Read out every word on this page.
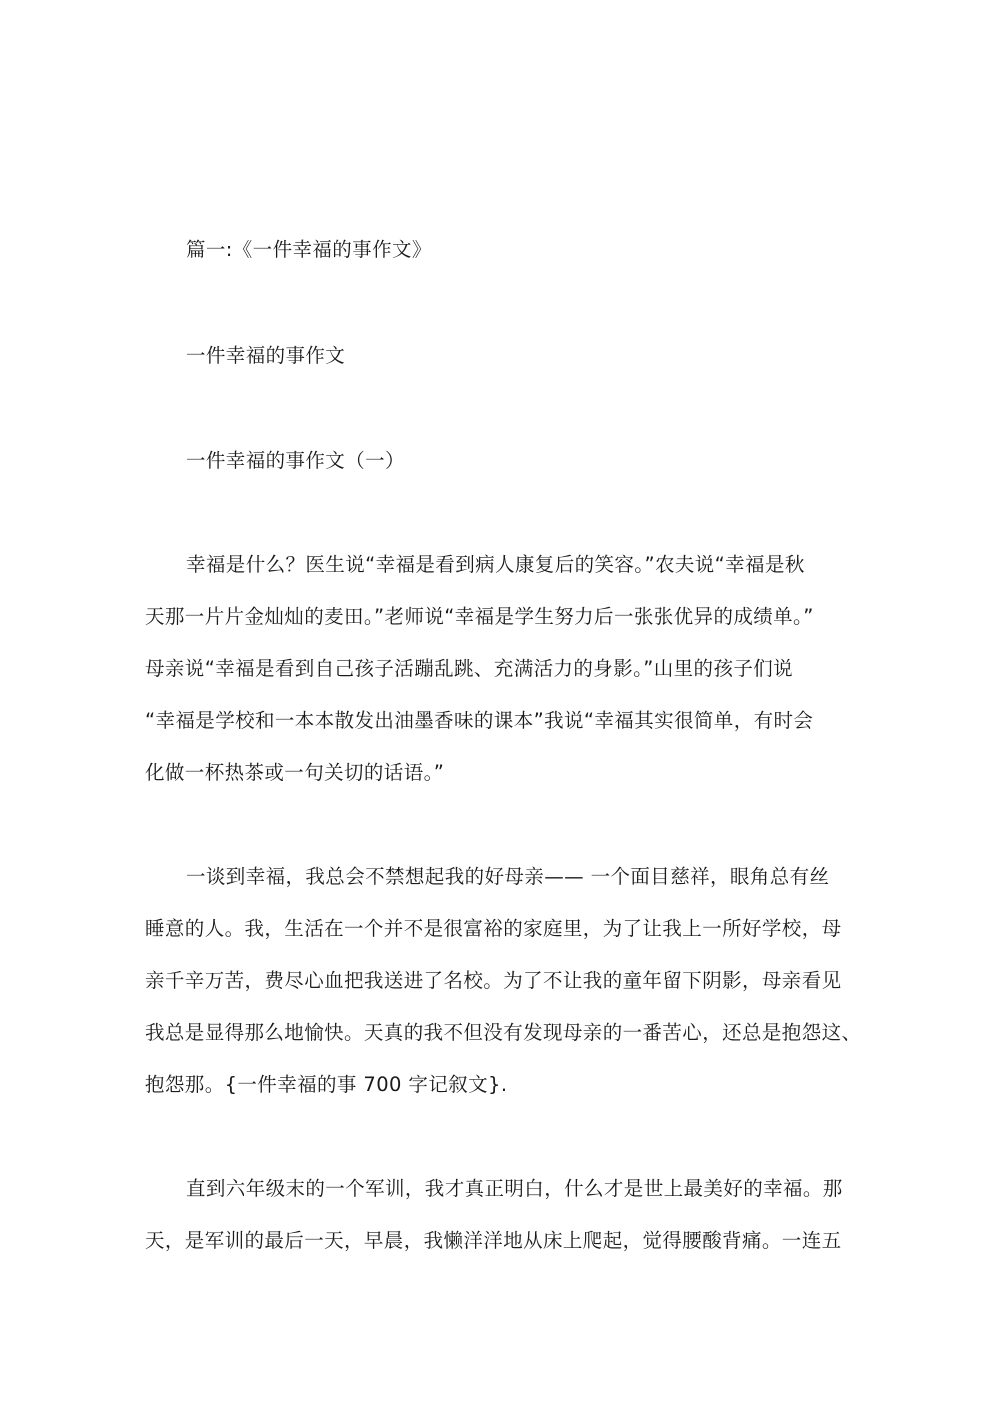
篇一:《一件幸福的事作文》
一件幸福的事作文
一件幸福的事作文（一）
幸福是什么？医生说“幸福是看到病人康复后的笑容。”农夫说“幸福是秋
天那一片片金灿灿的麦田。”老师说“幸福是学生努力后一张张优异的成绩单。”
母亲说“幸福是看到自己孩子活蹦乱跳、充满活力的身影。”山里的孩子们说
“幸福是学校和一本本散发出油墨香味的课本”我说“幸福其实很简单，有时会
化做一杯热茶或一句关切的话语。”
一谈到幸福，我总会不禁想起我的好母亲—— 一个面目慈祥，眼角总有丝
睡意的人。我，生活在一个并不是很富裕的家庭里，为了让我上一所好学校，母
亲千辛万苦，费尽心血把我送进了名校。为了不让我的童年留下阴影，母亲看见
我总是显得那么地愉快。天真的我不但没有发现母亲的一番苦心，还总是抱怨这、
抱怨那。{一件幸福的事 700 字记叙文}.
直到六年级末的一个军训，我才真正明白，什么才是世上最美好的幸福。那
天，是军训的最后一天，早晨，我懒洋洋地从床上爬起，觉得腰酸背痛。一连五
